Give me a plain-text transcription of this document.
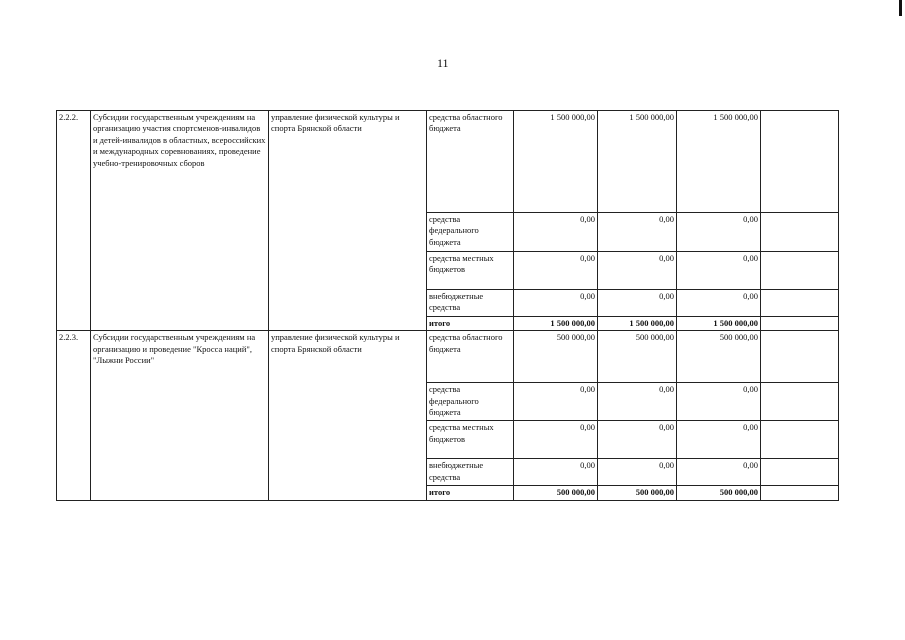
11
2.2.2.	Субсидии государственным учреждениям на организацию участия спортсменов-инвалидов и детей-инвалидов в областных, всероссийских и международных соревнованиях, проведение учебно-тренировочных сборов	управление физической культуры и спорта Брянской области	средства областного бюджета	1 500 000,00	1 500 000,00	1 500 000,00	
			средства федерального бюджета	0,00	0,00	0,00	
			средства местных бюджетов	0,00	0,00	0,00	
			внебюджетные средства	0,00	0,00	0,00	
			итого	1 500 000,00	1 500 000,00	1 500 000,00	
2.2.3.	Субсидии государственным учреждениям на организацию и проведение "Кросса наций", "Лыжни России"	управление физической культуры и спорта Брянской области	средства областного бюджета	500 000,00	500 000,00	500 000,00	
			средства федерального бюджета	0,00	0,00	0,00	
			средства местных бюджетов	0,00	0,00	0,00	
			внебюджетные средства	0,00	0,00	0,00	
			итого	500 000,00	500 000,00	500 000,00	
